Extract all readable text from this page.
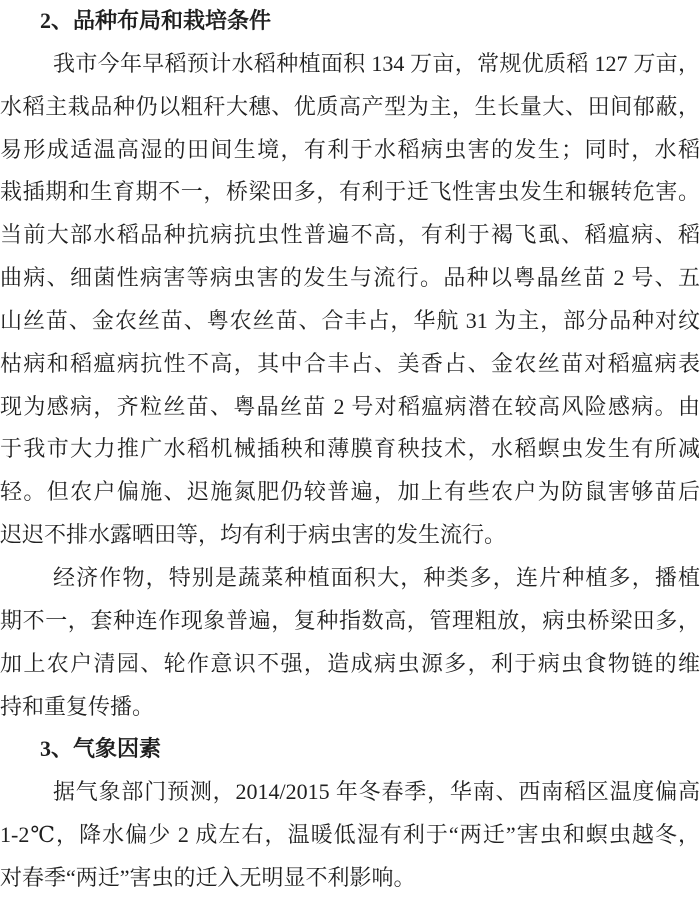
2、品种布局和栽培条件
我市今年早稻预计水稻种植面积 134 万亩，常规优质稻 127 万亩，
水稻主栽品种仍以粗秆大穗、优质高产型为主，生长量大、田间郁蔽，
易形成适温高湿的田间生境，有利于水稻病虫害的发生；同时，水稻
栽插期和生育期不一，桥梁田多，有利于迁飞性害虫发生和辗转危害。
当前大部水稻品种抗病抗虫性普遍不高，有利于褐飞虱、稻瘟病、稻
曲病、细菌性病害等病虫害的发生与流行。品种以粤晶丝苗 2 号、五
山丝苗、金农丝苗、粤农丝苗、合丰占，华航 31 为主，部分品种对纹
枯病和稻瘟病抗性不高，其中合丰占、美香占、金农丝苗对稻瘟病表
现为感病，齐粒丝苗、粤晶丝苗 2 号对稻瘟病潜在较高风险感病。由
于我市大力推广水稻机械插秧和薄膜育秧技术，水稻螟虫发生有所减
轻。但农户偏施、迟施氮肥仍较普遍，加上有些农户为防鼠害够苗后
迟迟不排水露晒田等，均有利于病虫害的发生流行。
经济作物，特别是蔬菜种植面积大，种类多，连片种植多，播植
期不一，套种连作现象普遍，复种指数高，管理粗放，病虫桥梁田多，
加上农户清园、轮作意识不强，造成病虫源多，利于病虫食物链的维
持和重复传播。
3、气象因素
据气象部门预测，2014/2015 年冬春季，华南、西南稻区温度偏高
1-2℃，降水偏少 2 成左右，温暖低湿有利于“两迁”害虫和螟虫越冬，
对春季“两迁”害虫的迁入无明显不利影响。
